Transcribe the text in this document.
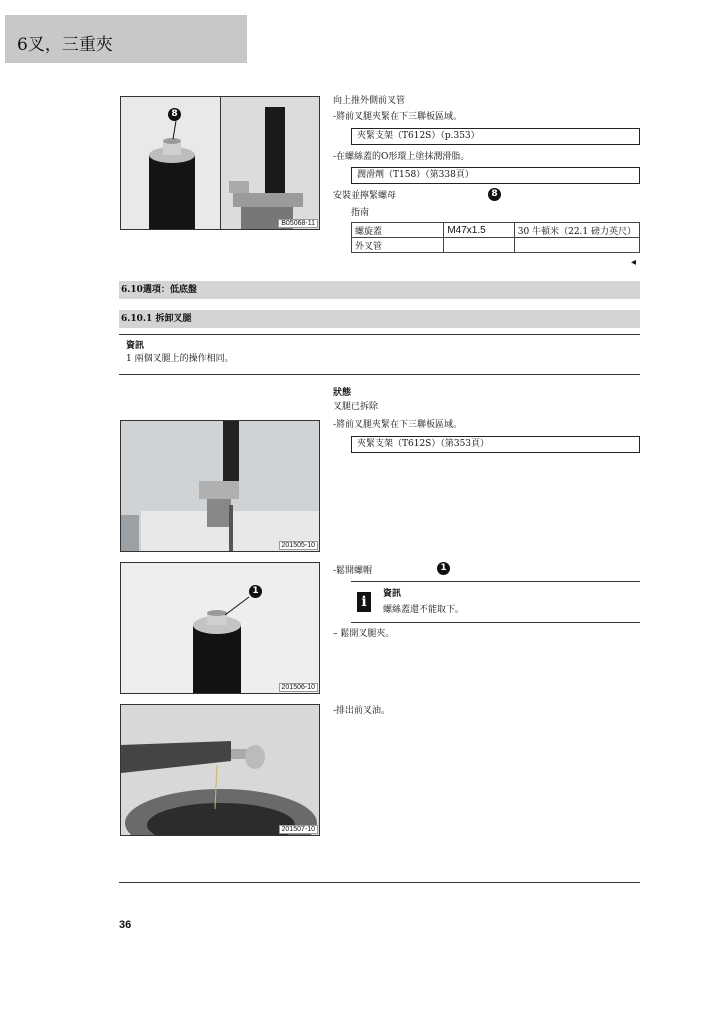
6叉，三重夾
8
B05068-11
向上推外側前叉管
-將前叉腿夾緊在下三聯板區域。
夾緊支架（T612S）（p.353）
-在螺絲蓋的O形環上塗抹潤滑脂。
潤滑劑（T158）（第338頁）
安裝並擰緊螺母	8
指南
螺旋蓋	M47x1.5	30 牛頓米（22.1 磅力英尺）
外叉管		
◂
6.10選項：低底盤
6.10.1 拆卸叉腿
資訊
1 兩個叉腿上的操作相同。
201505-10
狀態
叉腿已拆除
-將前叉腿夾緊在下三聯板區域。
夾緊支架（T612S）（第353頁）
1
201506-10
-鬆開螺帽	1
i	資訊
螺絲蓋還不能取下。
– 鬆開叉腿夾。
201507-10
-排出前叉油。
36
